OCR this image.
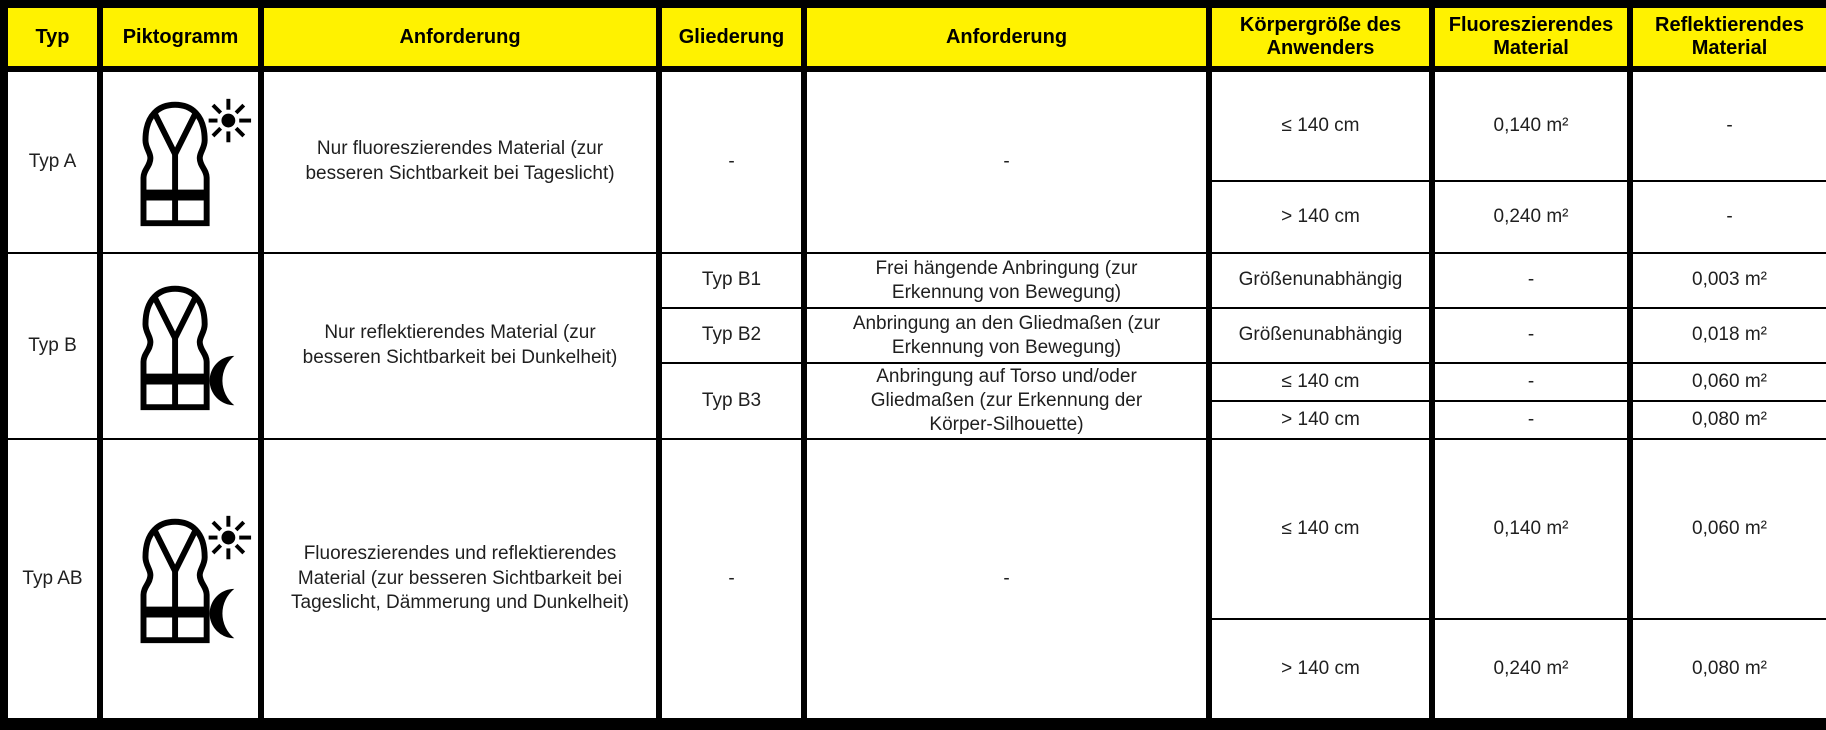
Typ	Piktogramm	Anforderung	Gliederung	Anforderung	Körpergröße des Anwenders	Fluoreszierendes Material	Reflektierendes Material
Typ A		Nur fluoreszierendes Material (zur besseren Sichtbarkeit bei Tageslicht)	-	-	≤ 140 cm	0,140 m²	-
					> 140 cm	0,240 m²	-
Typ B		Nur reflektierendes Material (zur besseren Sichtbarkeit bei Dunkelheit)	Typ B1	Frei hängende Anbringung (zur Erkennung von Bewegung)	Größenunabhängig	-	0,003 m²
			Typ B2	Anbringung an den Gliedmaßen (zur Erkennung von Bewegung)	Größenunabhängig	-	0,018 m²
			Typ B3	Anbringung auf Torso und/oder Gliedmaßen (zur Erkennung der Körper-Silhouette)	≤ 140 cm	-	0,060 m²
					> 140 cm	-	0,080 m²
Typ AB		Fluoreszierendes und reflektierendes Material (zur besseren Sichtbarkeit bei Tageslicht, Dämmerung und Dunkelheit)	-	-	≤ 140 cm	0,140 m²	0,060 m²
					> 140 cm	0,240 m²	0,080 m²
